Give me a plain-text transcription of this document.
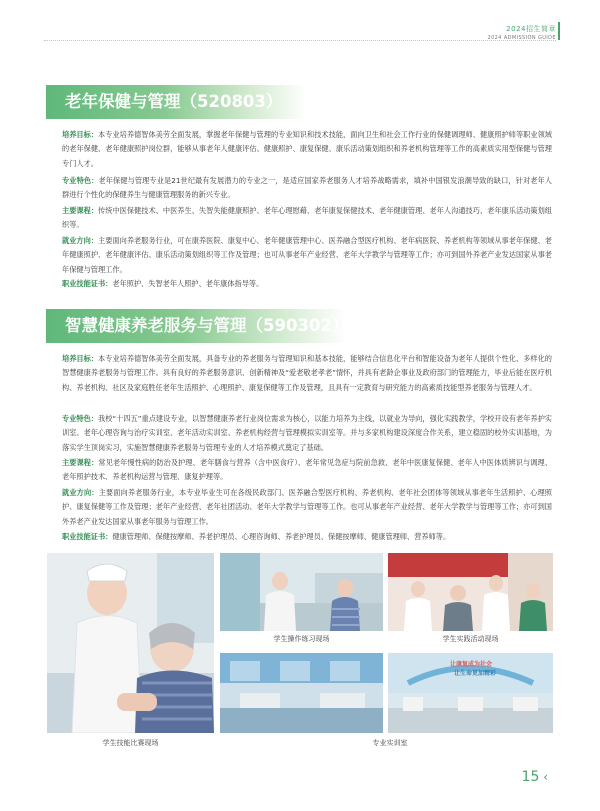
2024招生简章
2024 ADMISSION GUIDE
老年保健与管理（520803）
培养目标：本专业培养德智体美劳全面发展，掌握老年保健与管理的专业知识和技术技能，面向卫生和社会工作行业的保健调理师、健康照护师等职业领域的老年保健、老年健康照护岗位群，能够从事老年人健康评估、健康照护、康复保健、康乐活动策划组织和养老机构管理等工作的高素质实用型保健与管理专门人才。
专业特色：老年保健与管理专业是21世纪最有发展潜力的专业之一，是适应国家养老服务人才培养战略需求，填补中国银发浪潮导致的缺口，针对老年人群进行个性化的保健养生与健康管理服务的新兴专业。
主要课程：传统中医保健技术、中医养生、失智失能健康照护、老年心理慰藉、老年康复保健技术、老年健康管理、老年人沟通技巧、老年康乐活动策划组织等。
就业方向：主要面向养老服务行业，可在康养医院、康复中心、老年健康管理中心、医养融合型医疗机构、老年病医院、养老机构等领域从事老年保健、老年健康照护、老年健康评估、康乐活动策划组织等工作及管理；也可从事老年产业经营、老年大学教学与管理等工作；亦可到国外养老产业发达国家从事老年保健与管理工作。
职业技能证书：老年照护、失智老年人照护、老年康体指导等。
智慧健康养老服务与管理（590302）
培养目标：本专业培养德智体美劳全面发展，具备专业的养老服务与管理知识和基本技能，能够结合信息化平台和智能设备为老年人提供个性化、多样化的智慧健康养老服务与管理工作。具有良好的养老服务意识、创新精神及“爱老敬老孝老”情怀，并具有老龄企事业及政府部门的管理能力，毕业后能在医疗机构、养老机构、社区及家庭胜任老年生活照护、心理照护、康复保健等工作及管理，且具有一定教育与研究能力的高素质技能型养老服务与管理人才。
专业特色：我校“十四五”重点建设专业，以智慧健康养老行业岗位需求为核心，以能力培养为主线，以就业为导向，强化实践教学，学校开设有老年养护实训室、老年心理咨询与治疗实训室、老年活动实训室、养老机构经营与管理模拟实训室等。并与多家机构建设深度合作关系，建立稳固的校外实训基地，为落实学生顶岗实习，实施智慧健康养老服务与管理专业的人才培养模式奠定了基础。
主要课程：常见老年慢性病的防治及护理、老年膳食与营养（含中医食疗）、老年常见急症与院前急救、老年中医康复保健、老年人中医体质辨识与调理、老年照护技术、养老机构运营与管理、康复护理等。
就业方向：主要面向养老服务行业，本专业毕业生可在各级民政部门、医养融合型医疗机构、养老机构、老年社会团体等领域从事老年生活照护、心理照护、康复保健等工作及管理；老年产业经营、老年社团活动、老年大学教学与管理等工作。也可从事老年产业经营、老年大学教学与管理等工作；亦可到国外养老产业发达国家从事老年服务与管理工作。
职业技能证书：健康管理师、保健按摩师、养老护理员、心理咨询师、养老护理员、保健按摩师、健康管理师、营养师等。
学生操作练习现场	学生实践活动现场
让康复成为社会
让生命更加精彩
学生技能比赛现场	专业实训室
15 ‹
